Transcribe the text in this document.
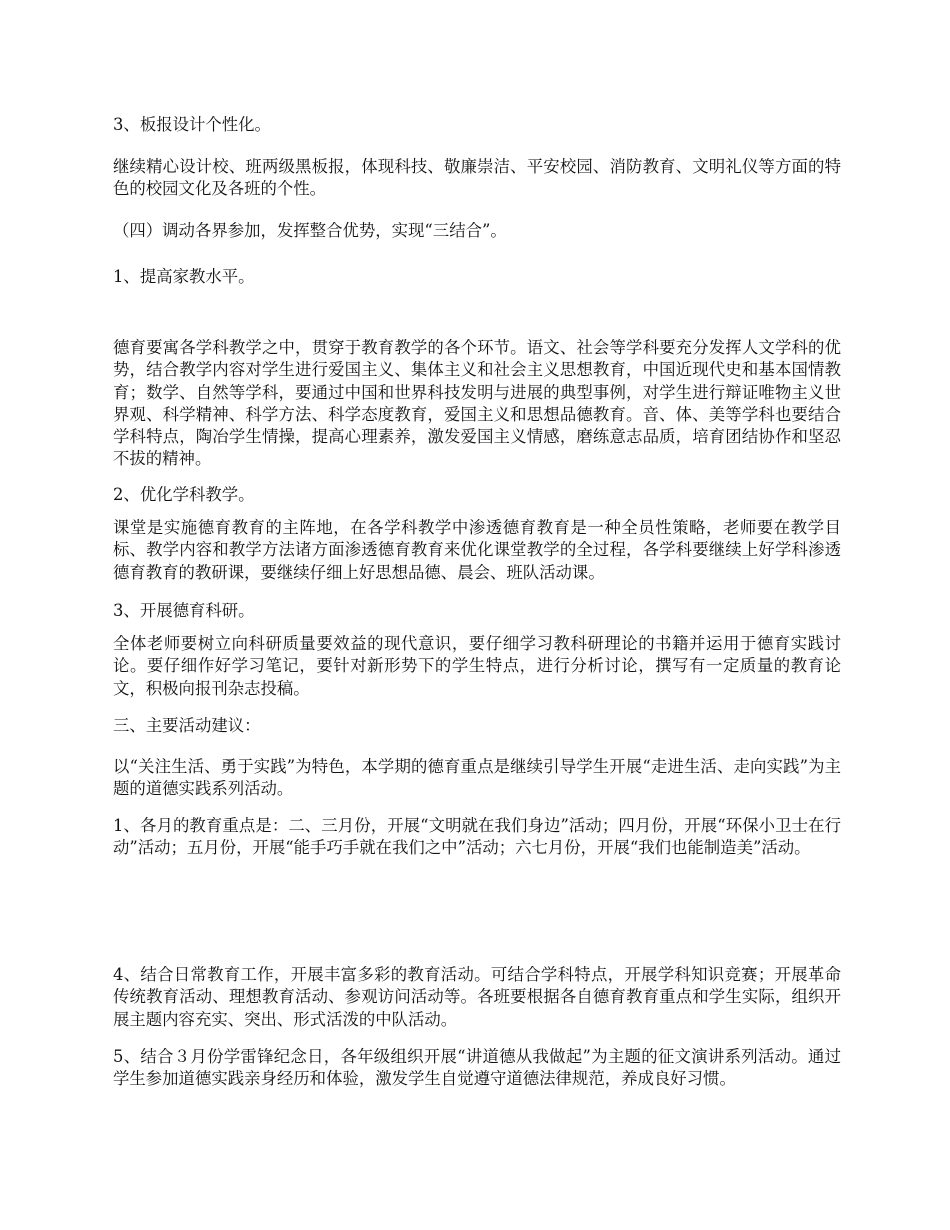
3、板报设计个性化。

继续精心设计校、班两级黑板报，体现科技、敬廉崇洁、平安校园、消防教育、文明礼仪等方面的特色的校园文化及各班的个性。

（四）调动各界参加，发挥整合优势，实现“三结合”。

1、提高家教水平。

德育要寓各学科教学之中，贯穿于教育教学的各个环节。语文、社会等学科要充分发挥人文学科的优势，结合教学内容对学生进行爱国主义、集体主义和社会主义思想教育，中国近现代史和基本国情教育；数学、自然等学科，要通过中国和世界科技发明与进展的典型事例，对学生进行辩证唯物主义世界观、科学精神、科学方法、科学态度教育，爱国主义和思想品德教育。音、体、美等学科也要结合学科特点，陶冶学生情操，提高心理素养，激发爱国主义情感，磨练意志品质，培育团结协作和坚忍不拔的精神。

2、优化学科教学。

课堂是实施德育教育的主阵地，在各学科教学中渗透德育教育是一种全员性策略，老师要在教学目标、教学内容和教学方法诸方面渗透德育教育来优化课堂教学的全过程，各学科要继续上好学科渗透德育教育的教研课，要继续仔细上好思想品德、晨会、班队活动课。

3、开展德育科研。

全体老师要树立向科研质量要效益的现代意识，要仔细学习教科研理论的书籍并运用于德育实践讨论。要仔细作好学习笔记，要针对新形势下的学生特点，进行分析讨论，撰写有一定质量的教育论文，积极向报刊杂志投稿。

三、主要活动建议：

以“关注生活、勇于实践”为特色，本学期的德育重点是继续引导学生开展“走进生活、走向实践”为主题的道德实践系列活动。

1、各月的教育重点是：二、三月份，开展“文明就在我们身边”活动；四月份，开展“环保小卫士在行动”活动；五月份，开展“能手巧手就在我们之中”活动；六七月份，开展“我们也能制造美”活动。

4、结合日常教育工作，开展丰富多彩的教育活动。可结合学科特点，开展学科知识竞赛；开展革命传统教育活动、理想教育活动、参观访问活动等。各班要根据各自德育教育重点和学生实际，组织开展主题内容充实、突出、形式活泼的中队活动。

5、结合３月份学雷锋纪念日，各年级组织开展“讲道德从我做起”为主题的征文演讲系列活动。通过学生参加道德实践亲身经历和体验，激发学生自觉遵守道德法律规范，养成良好习惯。
